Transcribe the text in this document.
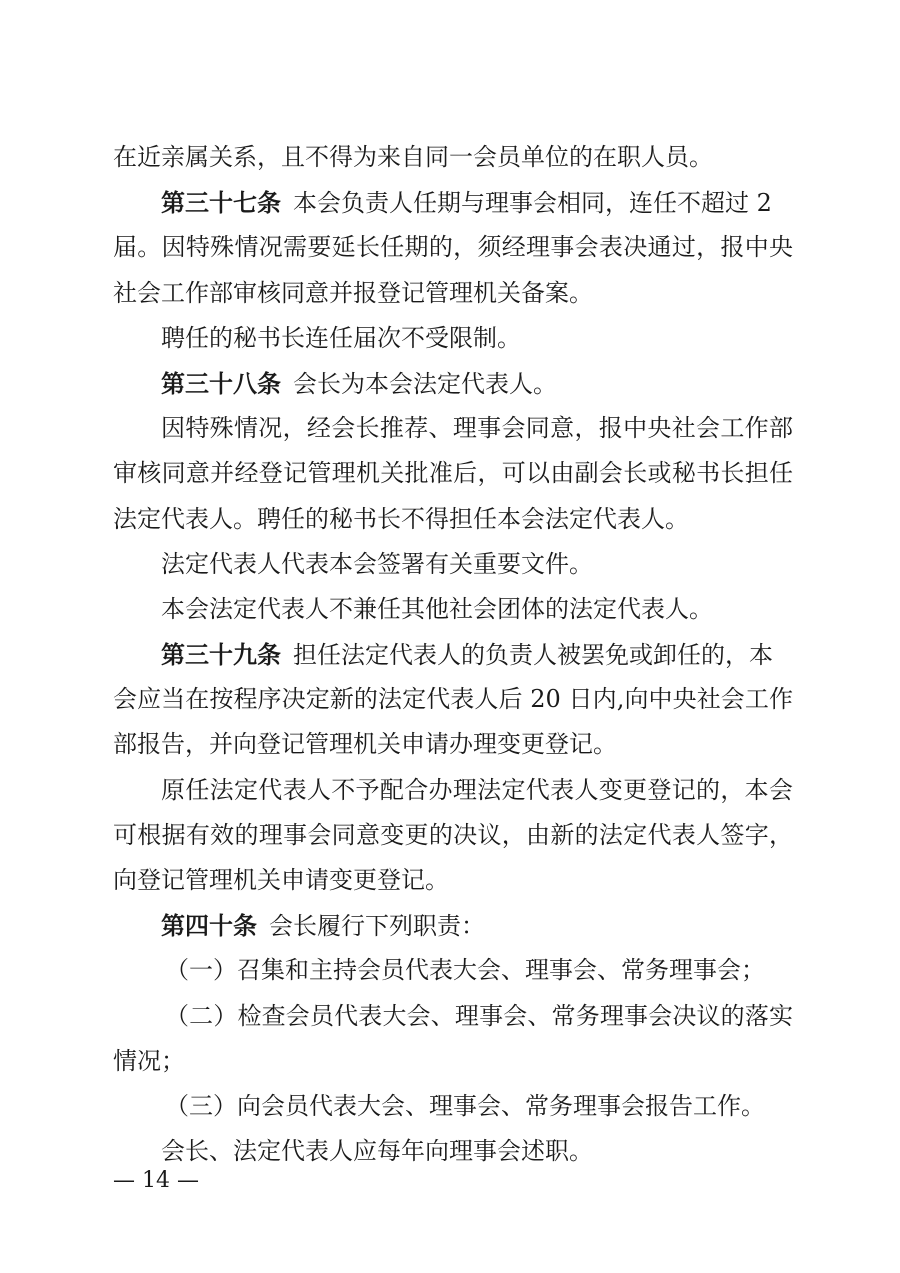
在近亲属关系，且不得为来自同一会员单位的在职人员。
第三十七条 本会负责人任期与理事会相同，连任不超过 2
届。因特殊情况需要延长任期的，须经理事会表决通过，报中央
社会工作部审核同意并报登记管理机关备案。
聘任的秘书长连任届次不受限制。
第三十八条 会长为本会法定代表人。
因特殊情况，经会长推荐、理事会同意，报中央社会工作部
审核同意并经登记管理机关批准后，可以由副会长或秘书长担任
法定代表人。聘任的秘书长不得担任本会法定代表人。
法定代表人代表本会签署有关重要文件。
本会法定代表人不兼任其他社会团体的法定代表人。
第三十九条 担任法定代表人的负责人被罢免或卸任的，本
会应当在按程序决定新的法定代表人后 20 日内,向中央社会工作
部报告，并向登记管理机关申请办理变更登记。
原任法定代表人不予配合办理法定代表人变更登记的，本会
可根据有效的理事会同意变更的决议，由新的法定代表人签字，
向登记管理机关申请变更登记。
第四十条 会长履行下列职责：
（一）召集和主持会员代表大会、理事会、常务理事会；
（二）检查会员代表大会、理事会、常务理事会决议的落实
情况；
（三）向会员代表大会、理事会、常务理事会报告工作。
会长、法定代表人应每年向理事会述职。
— 14 —
